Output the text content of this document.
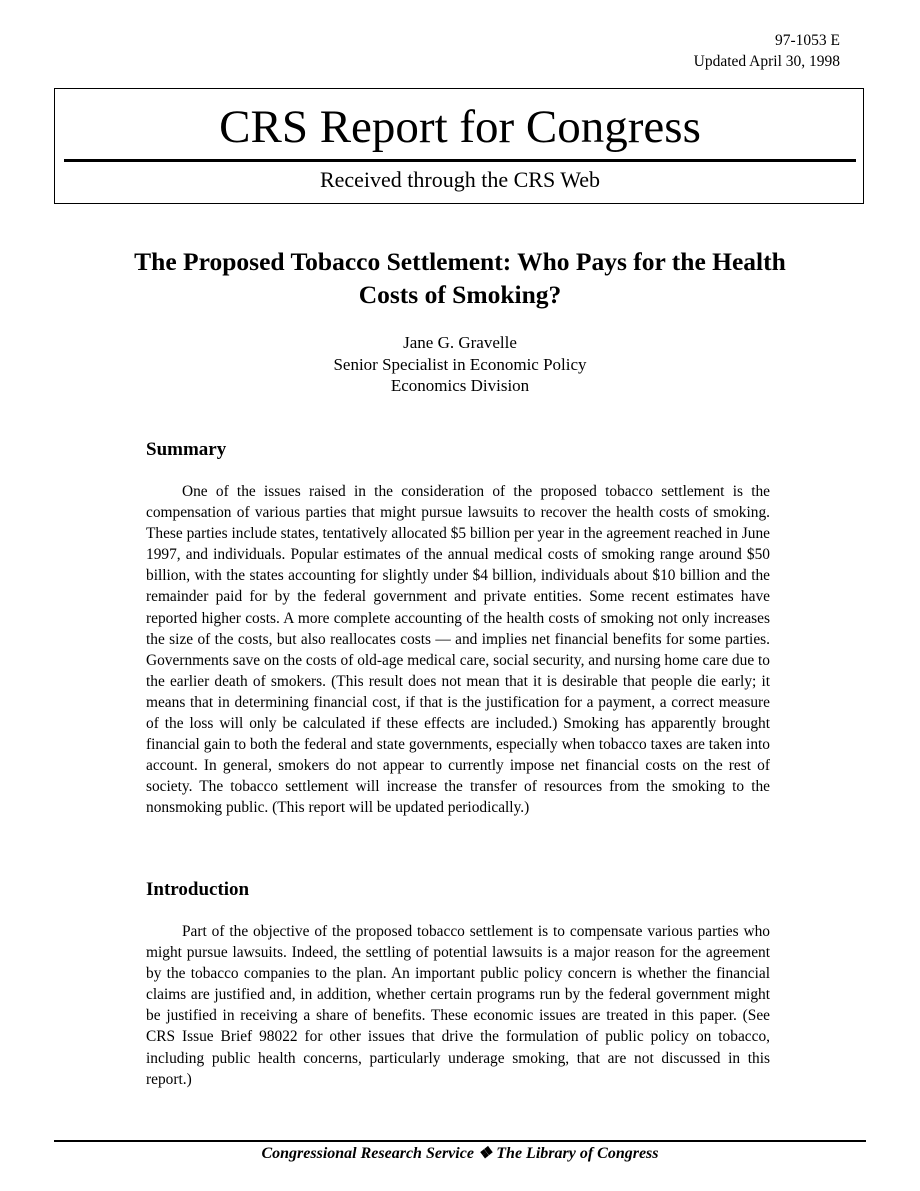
97-1053 E
Updated April 30, 1998
CRS Report for Congress
Received through the CRS Web
The Proposed Tobacco Settlement: Who Pays for the Health Costs of Smoking?
Jane G. Gravelle
Senior Specialist in Economic Policy
Economics Division
Summary

One of the issues raised in the consideration of the proposed tobacco settlement is the compensation of various parties that might pursue lawsuits to recover the health costs of smoking. These parties include states, tentatively allocated $5 billion per year in the agreement reached in June 1997, and individuals. Popular estimates of the annual medical costs of smoking range around $50 billion, with the states accounting for slightly under $4 billion, individuals about $10 billion and the remainder paid for by the federal government and private entities. Some recent estimates have reported higher costs. A more complete accounting of the health costs of smoking not only increases the size of the costs, but also reallocates costs — and implies net financial benefits for some parties. Governments save on the costs of old-age medical care, social security, and nursing home care due to the earlier death of smokers. (This result does not mean that it is desirable that people die early; it means that in determining financial cost, if that is the justification for a payment, a correct measure of the loss will only be calculated if these effects are included.) Smoking has apparently brought financial gain to both the federal and state governments, especially when tobacco taxes are taken into account. In general, smokers do not appear to currently impose net financial costs on the rest of society. The tobacco settlement will increase the transfer of resources from the smoking to the nonsmoking public. (This report will be updated periodically.)

Introduction

Part of the objective of the proposed tobacco settlement is to compensate various parties who might pursue lawsuits. Indeed, the settling of potential lawsuits is a major reason for the agreement by the tobacco companies to the plan. An important public policy concern is whether the financial claims are justified and, in addition, whether certain programs run by the federal government might be justified in receiving a share of benefits. These economic issues are treated in this paper. (See CRS Issue Brief 98022 for other issues that drive the formulation of public policy on tobacco, including public health concerns, particularly underage smoking, that are not discussed in this report.)

Congressional Research Service ❖ The Library of Congress
